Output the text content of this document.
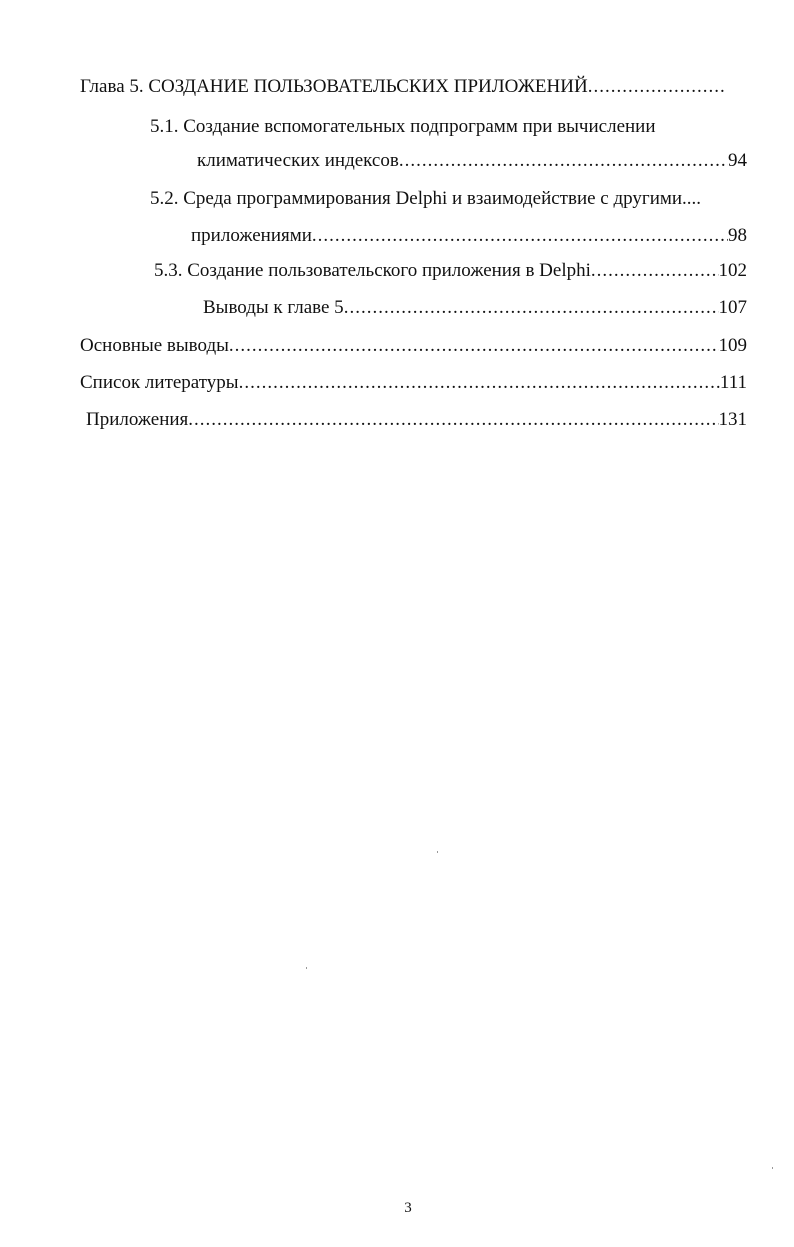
Глава 5. СОЗДАНИЕ ПОЛЬЗОВАТЕЛЬСКИХ ПРИЛОЖЕНИЙ
.....
5.1. Создание вспомогательных подпрограмм при вычислении
климатических индексов .....	94
5.2. Среда программирования Delphi и взаимодействие с другими....
приложениями .....	98
5.3. Создание пользовательского приложения в Delphi .....	102
Выводы к главе 5 .....	107
Основные выводы .....	109
Список литературы .....	111
Приложения .....	131
3
